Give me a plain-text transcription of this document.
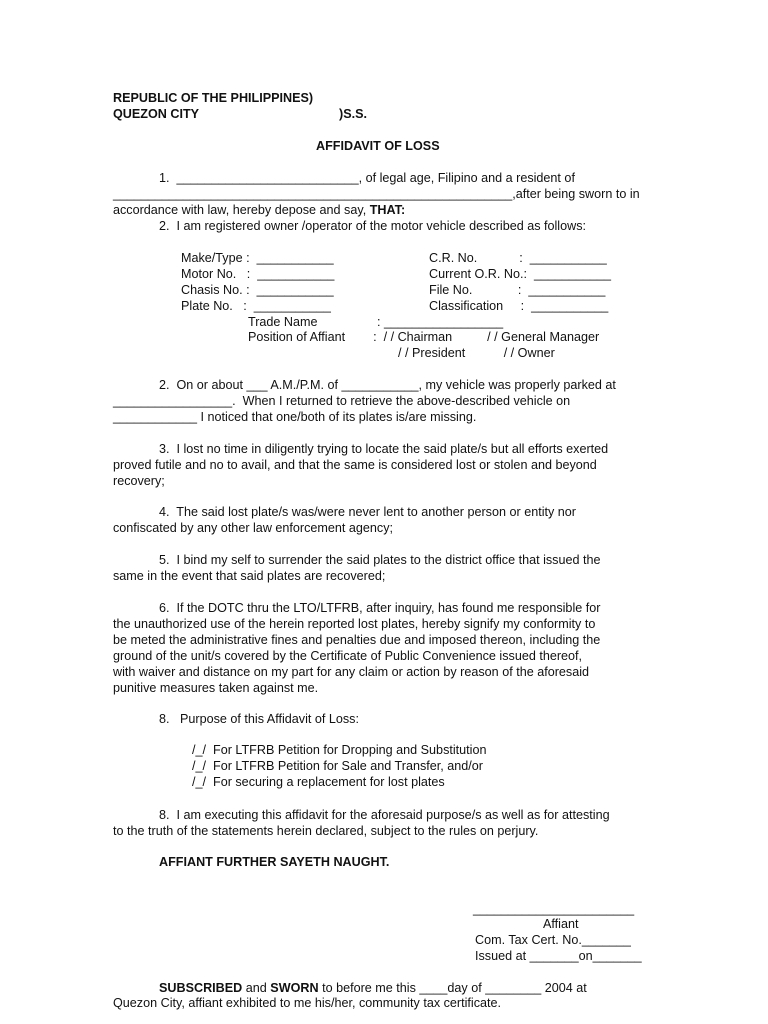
REPUBLIC OF THE PHILIPPINES)
QUEZON CITY	)S.S.
AFFIDAVIT OF LOSS
1.  __________________________, of legal age, Filipino and a resident of
_________________________________________________________,after being sworn to in
accordance with law, hereby depose and say, THAT:
2.  I am registered owner /operator of the motor vehicle described as follows:
Make/Type :  ___________
Motor No.   :  ___________
Chasis No. :  ___________
Plate No.   :  ___________
C.R. No.            :  ___________
Current O.R. No.:  ___________
File No.             :  ___________
Classification     :  ___________
Trade Name                 : _________________
Position of Affiant        :  / / Chairman          / / General Manager
/ / President           / / Owner
2.  On or about ___ A.M./P.M. of ___________, my vehicle was properly parked at
_________________.  When I returned to retrieve the above-described vehicle on
____________ I noticed that one/both of its plates is/are missing.
3.  I lost no time in diligently trying to locate the said plate/s but all efforts exerted
proved futile and no to avail, and that the same is considered lost or stolen and beyond
recovery;
4.  The said lost plate/s was/were never lent to another person or entity nor
confiscated by any other law enforcement agency;
5.  I bind my self to surrender the said plates to the district office that issued the
same in the event that said plates are recovered;
6.  If the DOTC thru the LTO/LTFRB, after inquiry, has found me responsible for
the unauthorized use of the herein reported lost plates, hereby signify my conformity to
be meted the administrative fines and penalties due and imposed thereon, including the
ground of the unit/s covered by the Certificate of Public Convenience issued thereof,
with waiver and distance on my part for any claim or action by reason of the aforesaid
punitive measures taken against me.
8.   Purpose of this Affidavit of Loss:
/_/  For LTFRB Petition for Dropping and Substitution
/_/  For LTFRB Petition for Sale and Transfer, and/or
/_/  For securing a replacement for lost plates
8.  I am executing this affidavit for the aforesaid purpose/s as well as for attesting
to the truth of the statements herein declared, subject to the rules on perjury.
AFFIANT FURTHER SAYETH NAUGHT.
_______________________
Affiant
Com. Tax Cert. No._______
Issued at _______on_______
SUBSCRIBED and SWORN to before me this ____day of ________ 2004 at
Quezon City, affiant exhibited to me his/her, community tax certificate.
